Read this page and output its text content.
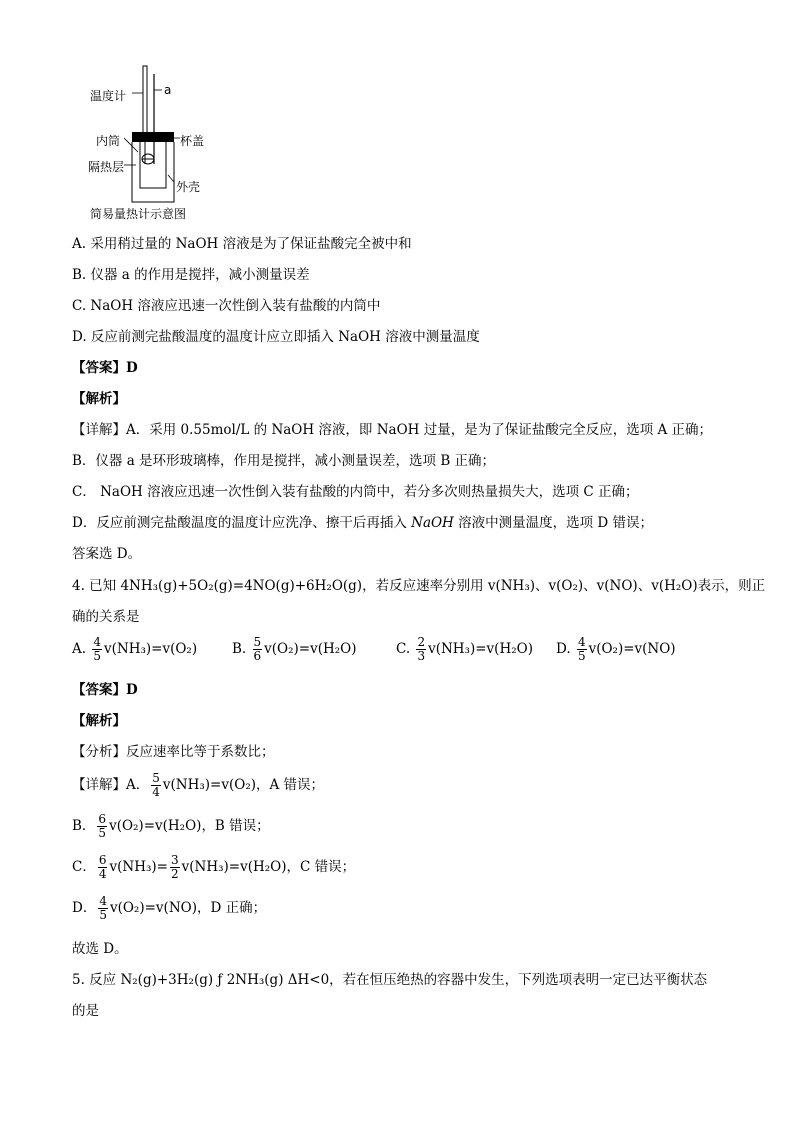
温度计	a
内筒	杯盖
隔热层
外壳
简易量热计示意图
A. 采用稍过量的 NaOH 溶液是为了保证盐酸完全被中和
B. 仪器 a 的作用是搅拌，减小测量误差
C. NaOH 溶液应迅速一次性倒入装有盐酸的内筒中
D. 反应前测完盐酸温度的温度计应立即插入 NaOH 溶液中测量温度
【答案】D
【解析】
【详解】A．采用 0.55mol/L 的 NaOH 溶液，即 NaOH 过量，是为了保证盐酸完全反应，选项 A 正确；
B．仪器 a 是环形玻璃棒，作用是搅拌，减小测量误差，选项 B 正确；
C． NaOH 溶液应迅速一次性倒入装有盐酸的内筒中，若分多次则热量损失大，选项 C 正确；
D．反应前测完盐酸温度的温度计应洗净、擦干后再插入 NaOH 溶液中测量温度，选项 D 错误；
答案选 D。
4. 已知 4NH₃(g)+5O₂(g)=4NO(g)+6H₂O(g)，若反应速率分别用 v(NH₃)、v(O₂)、v(NO)、v(H₂O)表示，则正
确的关系是
A. $\frac{4}{5} v(NH_3)=v(O_2)$	B. $\frac{5}{6} v(O_2)=v(H_2O)$	C. $\frac{2}{3} v(NH_3)=v(H_2O)$ D. $\frac{4}{5} v(O_2)=v(NO)$
【答案】D
【解析】
【分析】反应速率比等于系数比；
【详解】A． $\frac{5}{4} v(NH_3)=v(O_2)$，A 错误；
B． $\frac{6}{5} v(O_2)=v(H_2O)$，B 错误；
C． $\frac{6}{4} v(NH_3)= \frac{3}{2} v(NH_3)=v(H_2O)$，C 错误；
D． $\frac{4}{5} v(O_2)=v(NO)$，D 正确；
故选 D。
5. 反应 N₂(g)+3H₂(g) ƒ 2NH₃(g) ΔH<0，若在恒压绝热的容器中发生，下列选项表明一定已达平衡状态
的是
